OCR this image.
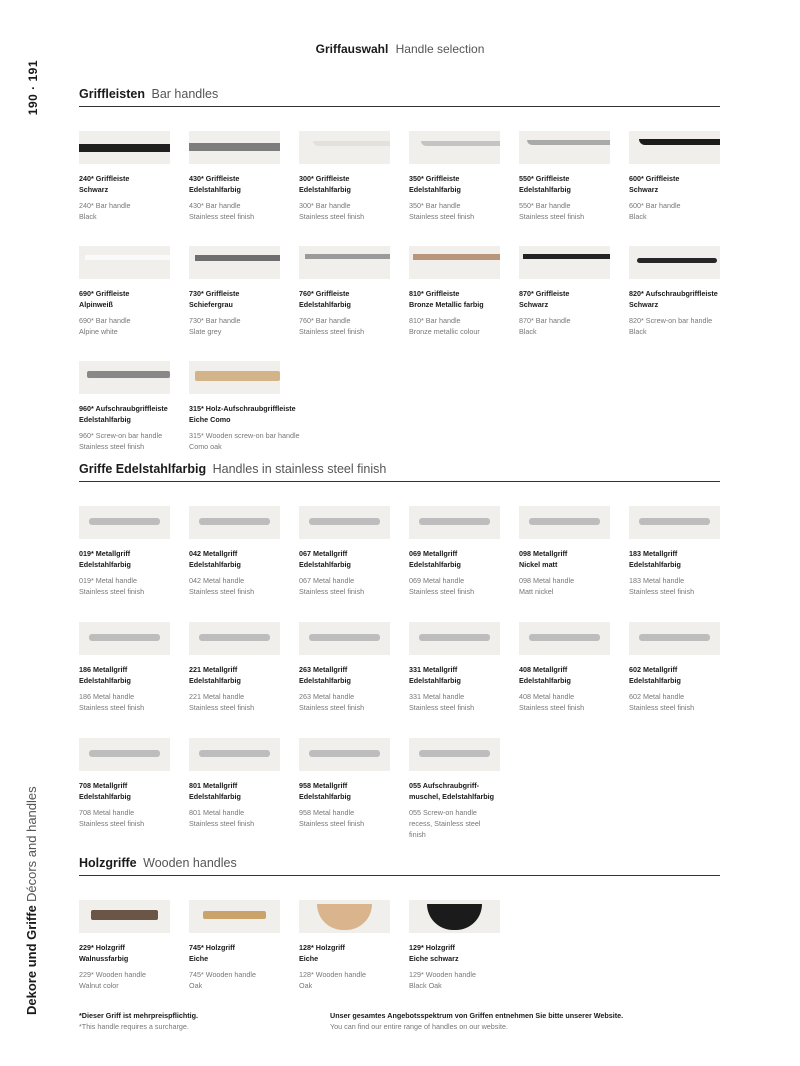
190 · 191
Dekore und Griffe Décors and handles
Griffauswahl Handle selection
Griffleisten Bar handles
240* Griffleiste
Schwarz
240* Bar handle
Black
430* Griffleiste
Edelstahlfarbig
430* Bar handle
Stainless steel finish
300* Griffleiste
Edelstahlfarbig
300* Bar handle
Stainless steel finish
350* Griffleiste
Edelstahlfarbig
350* Bar handle
Stainless steel finish
550* Griffleiste
Edelstahlfarbig
550* Bar handle
Stainless steel finish
600* Griffleiste
Schwarz
600* Bar handle
Black
690* Griffleiste
Alpinweiß
690* Bar handle
Alpine white
730* Griffleiste
Schiefergrau
730* Bar handle
Slate grey
760* Griffleiste
Edelstahlfarbig
760* Bar handle
Stainless steel finish
810* Griffleiste
Bronze Metallic farbig
810* Bar handle
Bronze metallic colour
870* Griffleiste
Schwarz
870* Bar handle
Black
820* Aufschraubgriffleiste
Schwarz
820* Screw-on bar handle
Black
960* Aufschraubgriffleiste
Edelstahlfarbig
960* Screw-on bar handle
Stainless steel finish
315* Holz-Aufschraubgriffleiste
Eiche Como
315* Wooden screw-on bar handle
Como oak
Griffe Edelstahlfarbig Handles in stainless steel finish
019* Metallgriff
Edelstahlfarbig
019* Metal handle
Stainless steel finish
042 Metallgriff
Edelstahlfarbig
042 Metal handle
Stainless steel finish
067 Metallgriff
Edelstahlfarbig
067 Metal handle
Stainless steel finish
069 Metallgriff
Edelstahlfarbig
069 Metal handle
Stainless steel finish
098 Metallgriff
Nickel matt
098 Metal handle
Matt nickel
183 Metallgriff
Edelstahlfarbig
183 Metal handle
Stainless steel finish
186 Metallgriff
Edelstahlfarbig
186 Metal handle
Stainless steel finish
221 Metallgriff
Edelstahlfarbig
221 Metal handle
Stainless steel finish
263 Metallgriff
Edelstahlfarbig
263 Metal handle
Stainless steel finish
331 Metallgriff
Edelstahlfarbig
331 Metal handle
Stainless steel finish
408 Metallgriff
Edelstahlfarbig
408 Metal handle
Stainless steel finish
602 Metallgriff
Edelstahlfarbig
602 Metal handle
Stainless steel finish
708 Metallgriff
Edelstahlfarbig
708 Metal handle
Stainless steel finish
801 Metallgriff
Edelstahlfarbig
801 Metal handle
Stainless steel finish
958 Metallgriff
Edelstahlfarbig
958 Metal handle
Stainless steel finish
055 Aufschraubgriff-
muschel, Edelstahlfarbig
055 Screw-on handle
recess, Stainless steel
finish
Holzgriffe Wooden handles
229* Holzgriff
Walnussfarbig
229* Wooden handle
Walnut color
745* Holzgriff
Eiche
745* Wooden handle
Oak
128* Holzgriff
Eiche
128* Wooden handle
Oak
129* Holzgriff
Eiche schwarz
129* Wooden handle
Black Oak
*Dieser Griff ist mehrpreispflichtig.
*This handle requires a surcharge.
Unser gesamtes Angebotsspektrum von Griffen entnehmen Sie bitte unserer Website.
You can find our entire range of handles on our website.
